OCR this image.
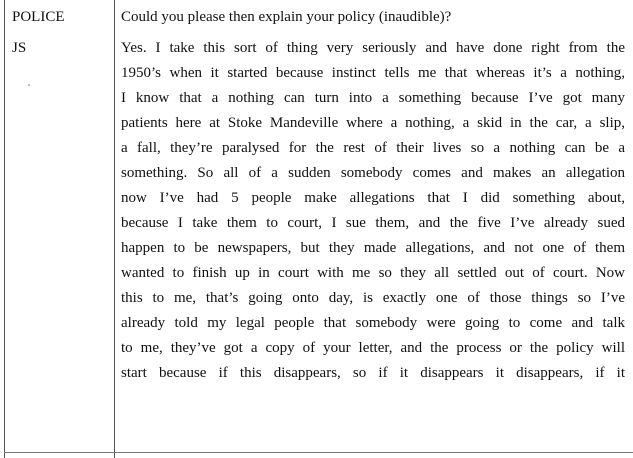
POLICE
JS
Could you please then explain your policy (inaudible)?
Yes. I take this sort of thing very seriously and have done right from the
1950’s when it started because instinct tells me that whereas it’s a nothing,
I know that a nothing can turn into a something because I’ve got many
patients here at Stoke Mandeville where a nothing, a skid in the car, a slip,
a fall, they’re paralysed for the rest of their lives so a nothing can be a
something. So all of a sudden somebody comes and makes an allegation
now I’ve had 5 people make allegations that I did something about,
because I take them to court, I sue them, and the five I’ve already sued
happen to be newspapers, but they made allegations, and not one of them
wanted to finish up in court with me so they all settled out of court. Now
this to me, that’s going onto day, is exactly one of those things so I’ve
already told my legal people that somebody were going to come and talk
to me, they’ve got a copy of your letter, and the process or the policy will
start because if this disappears, so if it disappears it disappears, if it
